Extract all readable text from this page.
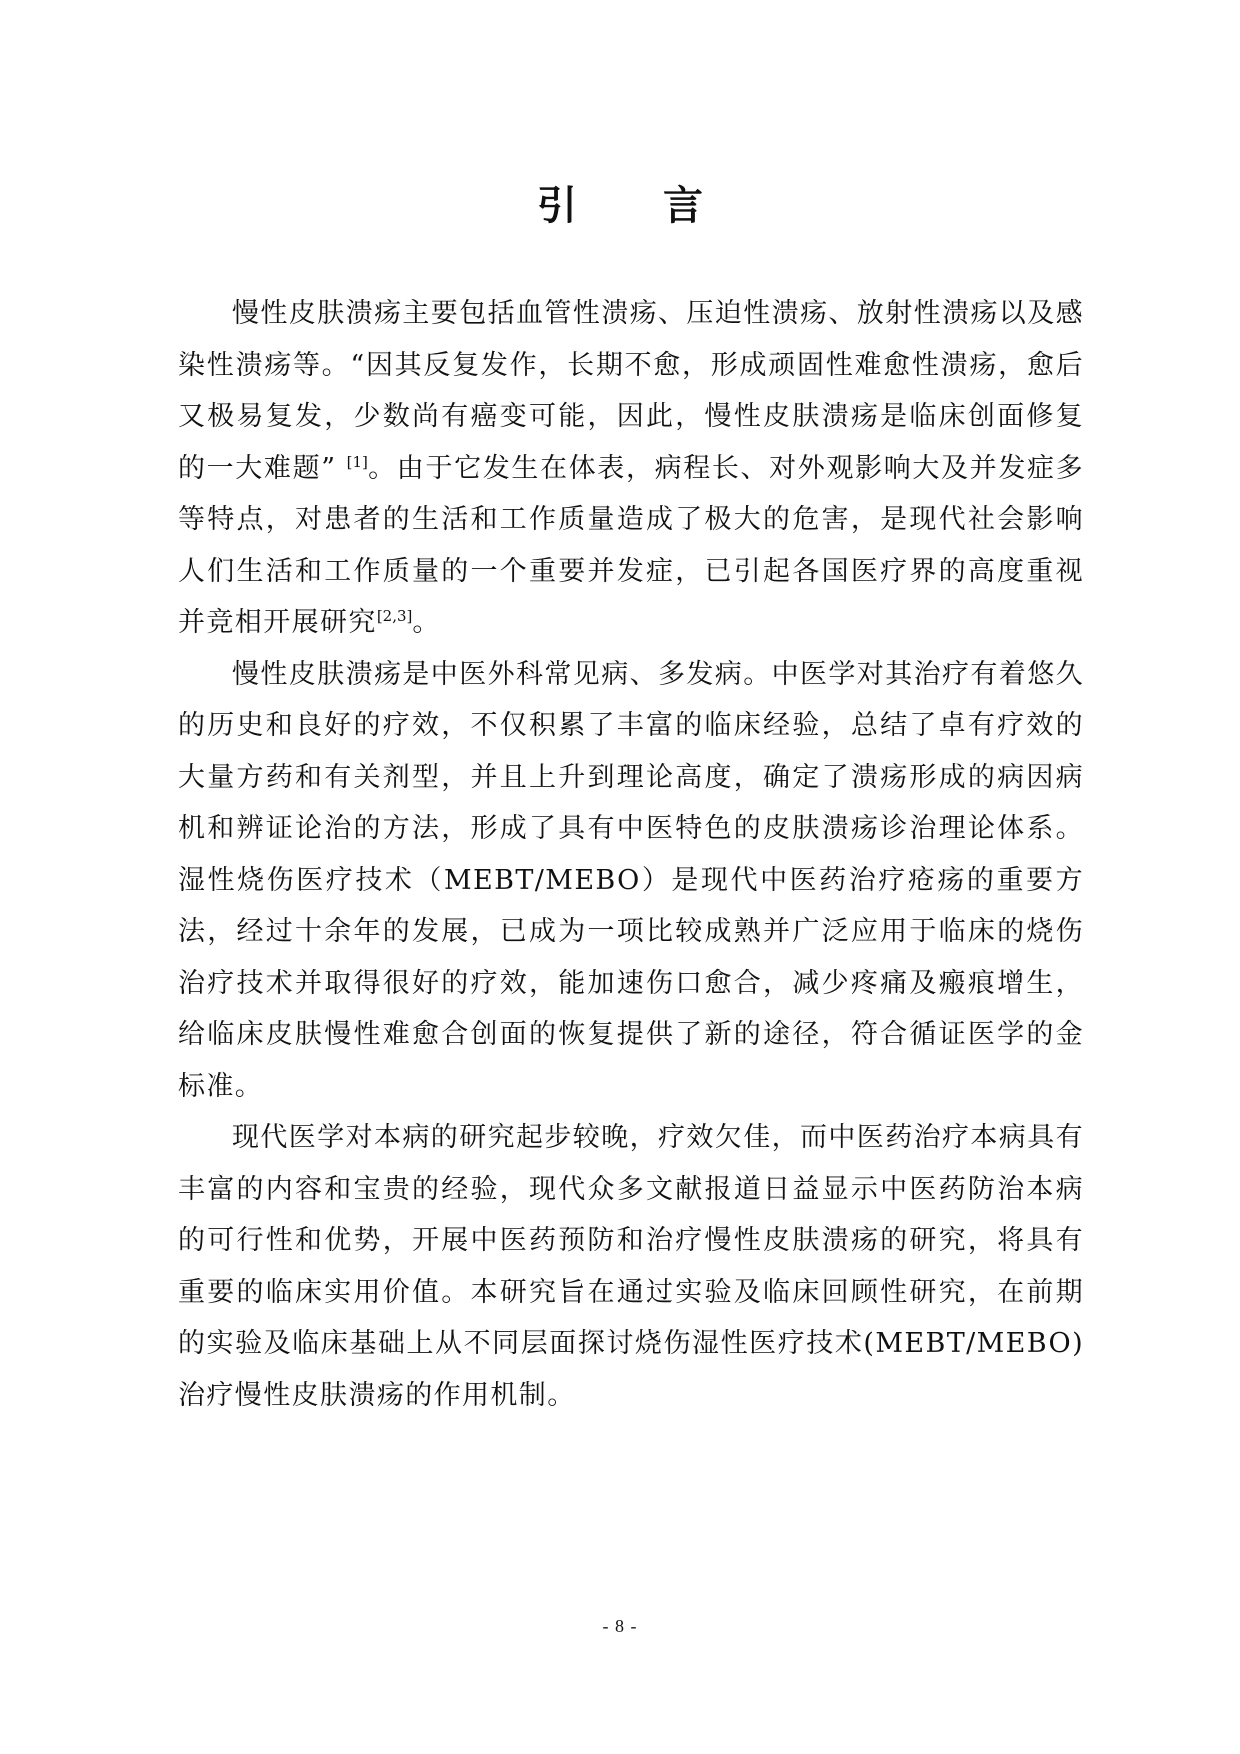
引 言

慢性皮肤溃疡主要包括血管性溃疡、压迫性溃疡、放射性溃疡以及感染性溃疡等。“因其反复发作，长期不愈，形成顽固性难愈性溃疡，愈后又极易复发，少数尚有癌变可能，因此，慢性皮肤溃疡是临床创面修复的一大难题” [1]。由于它发生在体表，病程长、对外观影响大及并发症多等特点，对患者的生活和工作质量造成了极大的危害，是现代社会影响人们生活和工作质量的一个重要并发症，已引起各国医疗界的高度重视并竞相开展研究[2,3]。

慢性皮肤溃疡是中医外科常见病、多发病。中医学对其治疗有着悠久的历史和良好的疗效，不仅积累了丰富的临床经验，总结了卓有疗效的大量方药和有关剂型，并且上升到理论高度，确定了溃疡形成的病因病机和辨证论治的方法，形成了具有中医特色的皮肤溃疡诊治理论体系。湿性烧伤医疗技术（MEBT/MEBO）是现代中医药治疗疮疡的重要方法，经过十余年的发展，已成为一项比较成熟并广泛应用于临床的烧伤治疗技术并取得很好的疗效，能加速伤口愈合，减少疼痛及瘢痕增生，给临床皮肤慢性难愈合创面的恢复提供了新的途径，符合循证医学的金标准。

现代医学对本病的研究起步较晚，疗效欠佳，而中医药治疗本病具有丰富的内容和宝贵的经验，现代众多文献报道日益显示中医药防治本病的可行性和优势，开展中医药预防和治疗慢性皮肤溃疡的研究，将具有重要的临床实用价值。本研究旨在通过实验及临床回顾性研究，在前期的实验及临床基础上从不同层面探讨烧伤湿性医疗技术(MEBT/MEBO)治疗慢性皮肤溃疡的作用机制。

- 8 -
